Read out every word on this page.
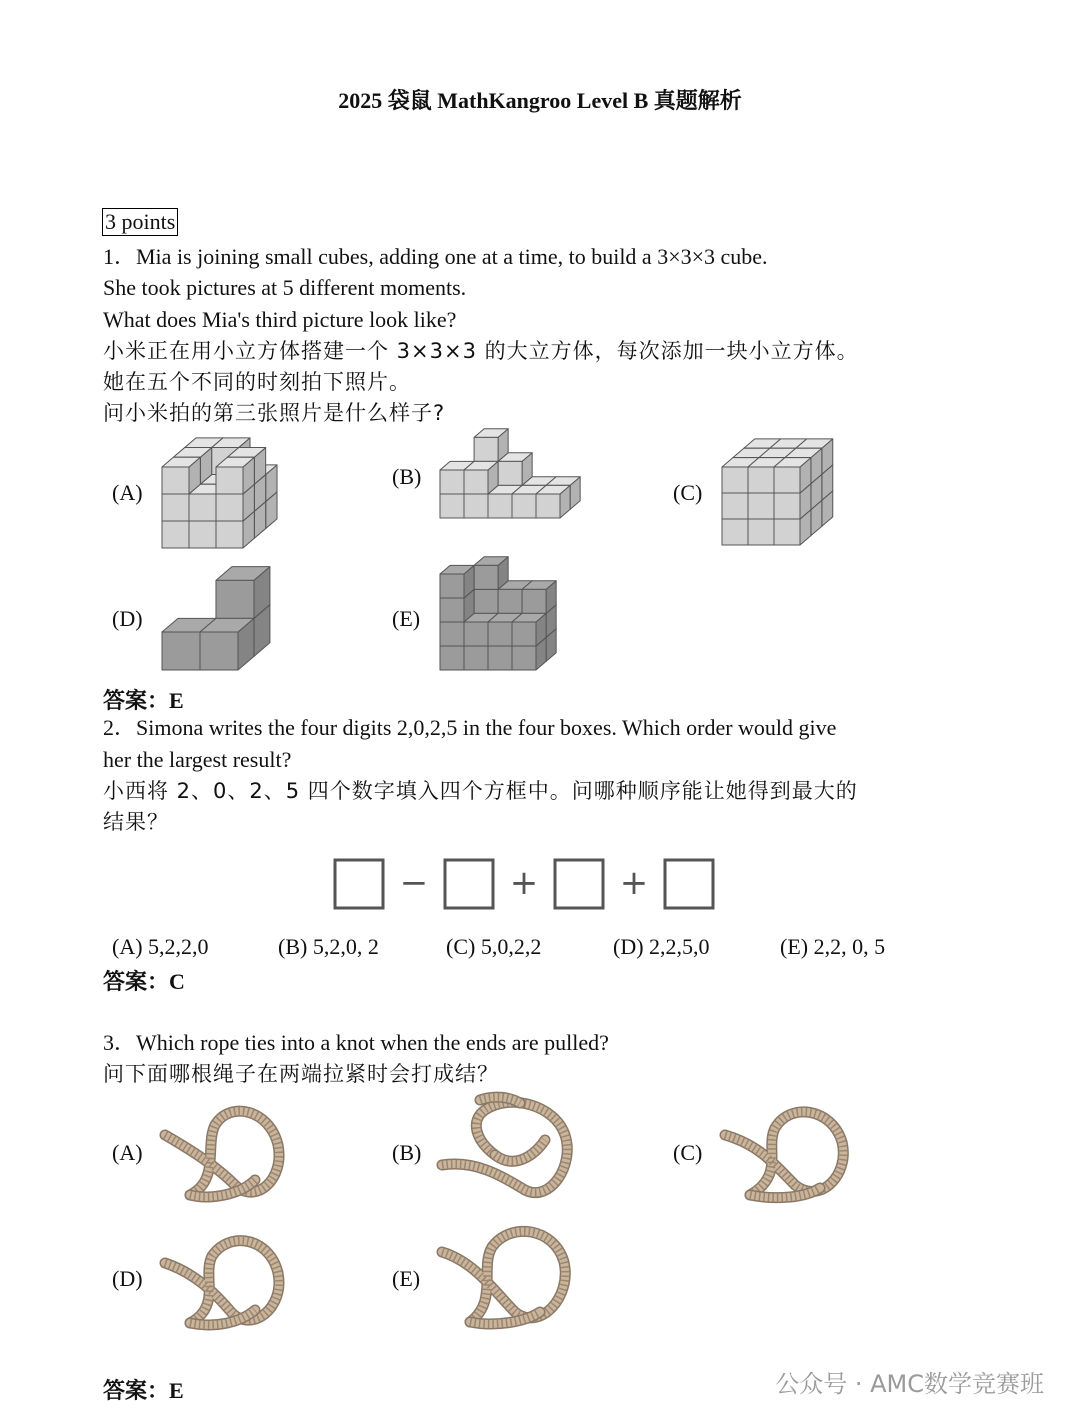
2025 袋鼠 MathKangroo Level B 真题解析
3 points
1．Mia is joining small cubes, adding one at a time, to build a 3×3×3 cube.
She took pictures at 5 different moments.
What does Mia's third picture look like?
小米正在用小立方体搭建一个 3×3×3 的大立方体，每次添加一块小立方体。
她在五个不同的时刻拍下照片。
问小米拍的第三张照片是什么样子?
(A)
(B)
(C)
(D)	(E)
答案：E
2．Simona writes the four digits 2,0,2,5 in the four boxes. Which order would give
her the largest result?
小西将 2、0、2、5 四个数字填入四个方框中。问哪种顺序能让她得到最大的
结果？
− + +
(A) 5,2,2,0	(B) 5,2,0, 2	(C) 5,0,2,2	(D) 2,2,5,0	(E) 2,2, 0, 5
答案：C
3．Which rope ties into a knot when the ends are pulled?
问下面哪根绳子在两端拉紧时会打成结？
(A)	(B)	(C)
(D)	(E)
答案：E	公众号 · AMC数学竞赛班
